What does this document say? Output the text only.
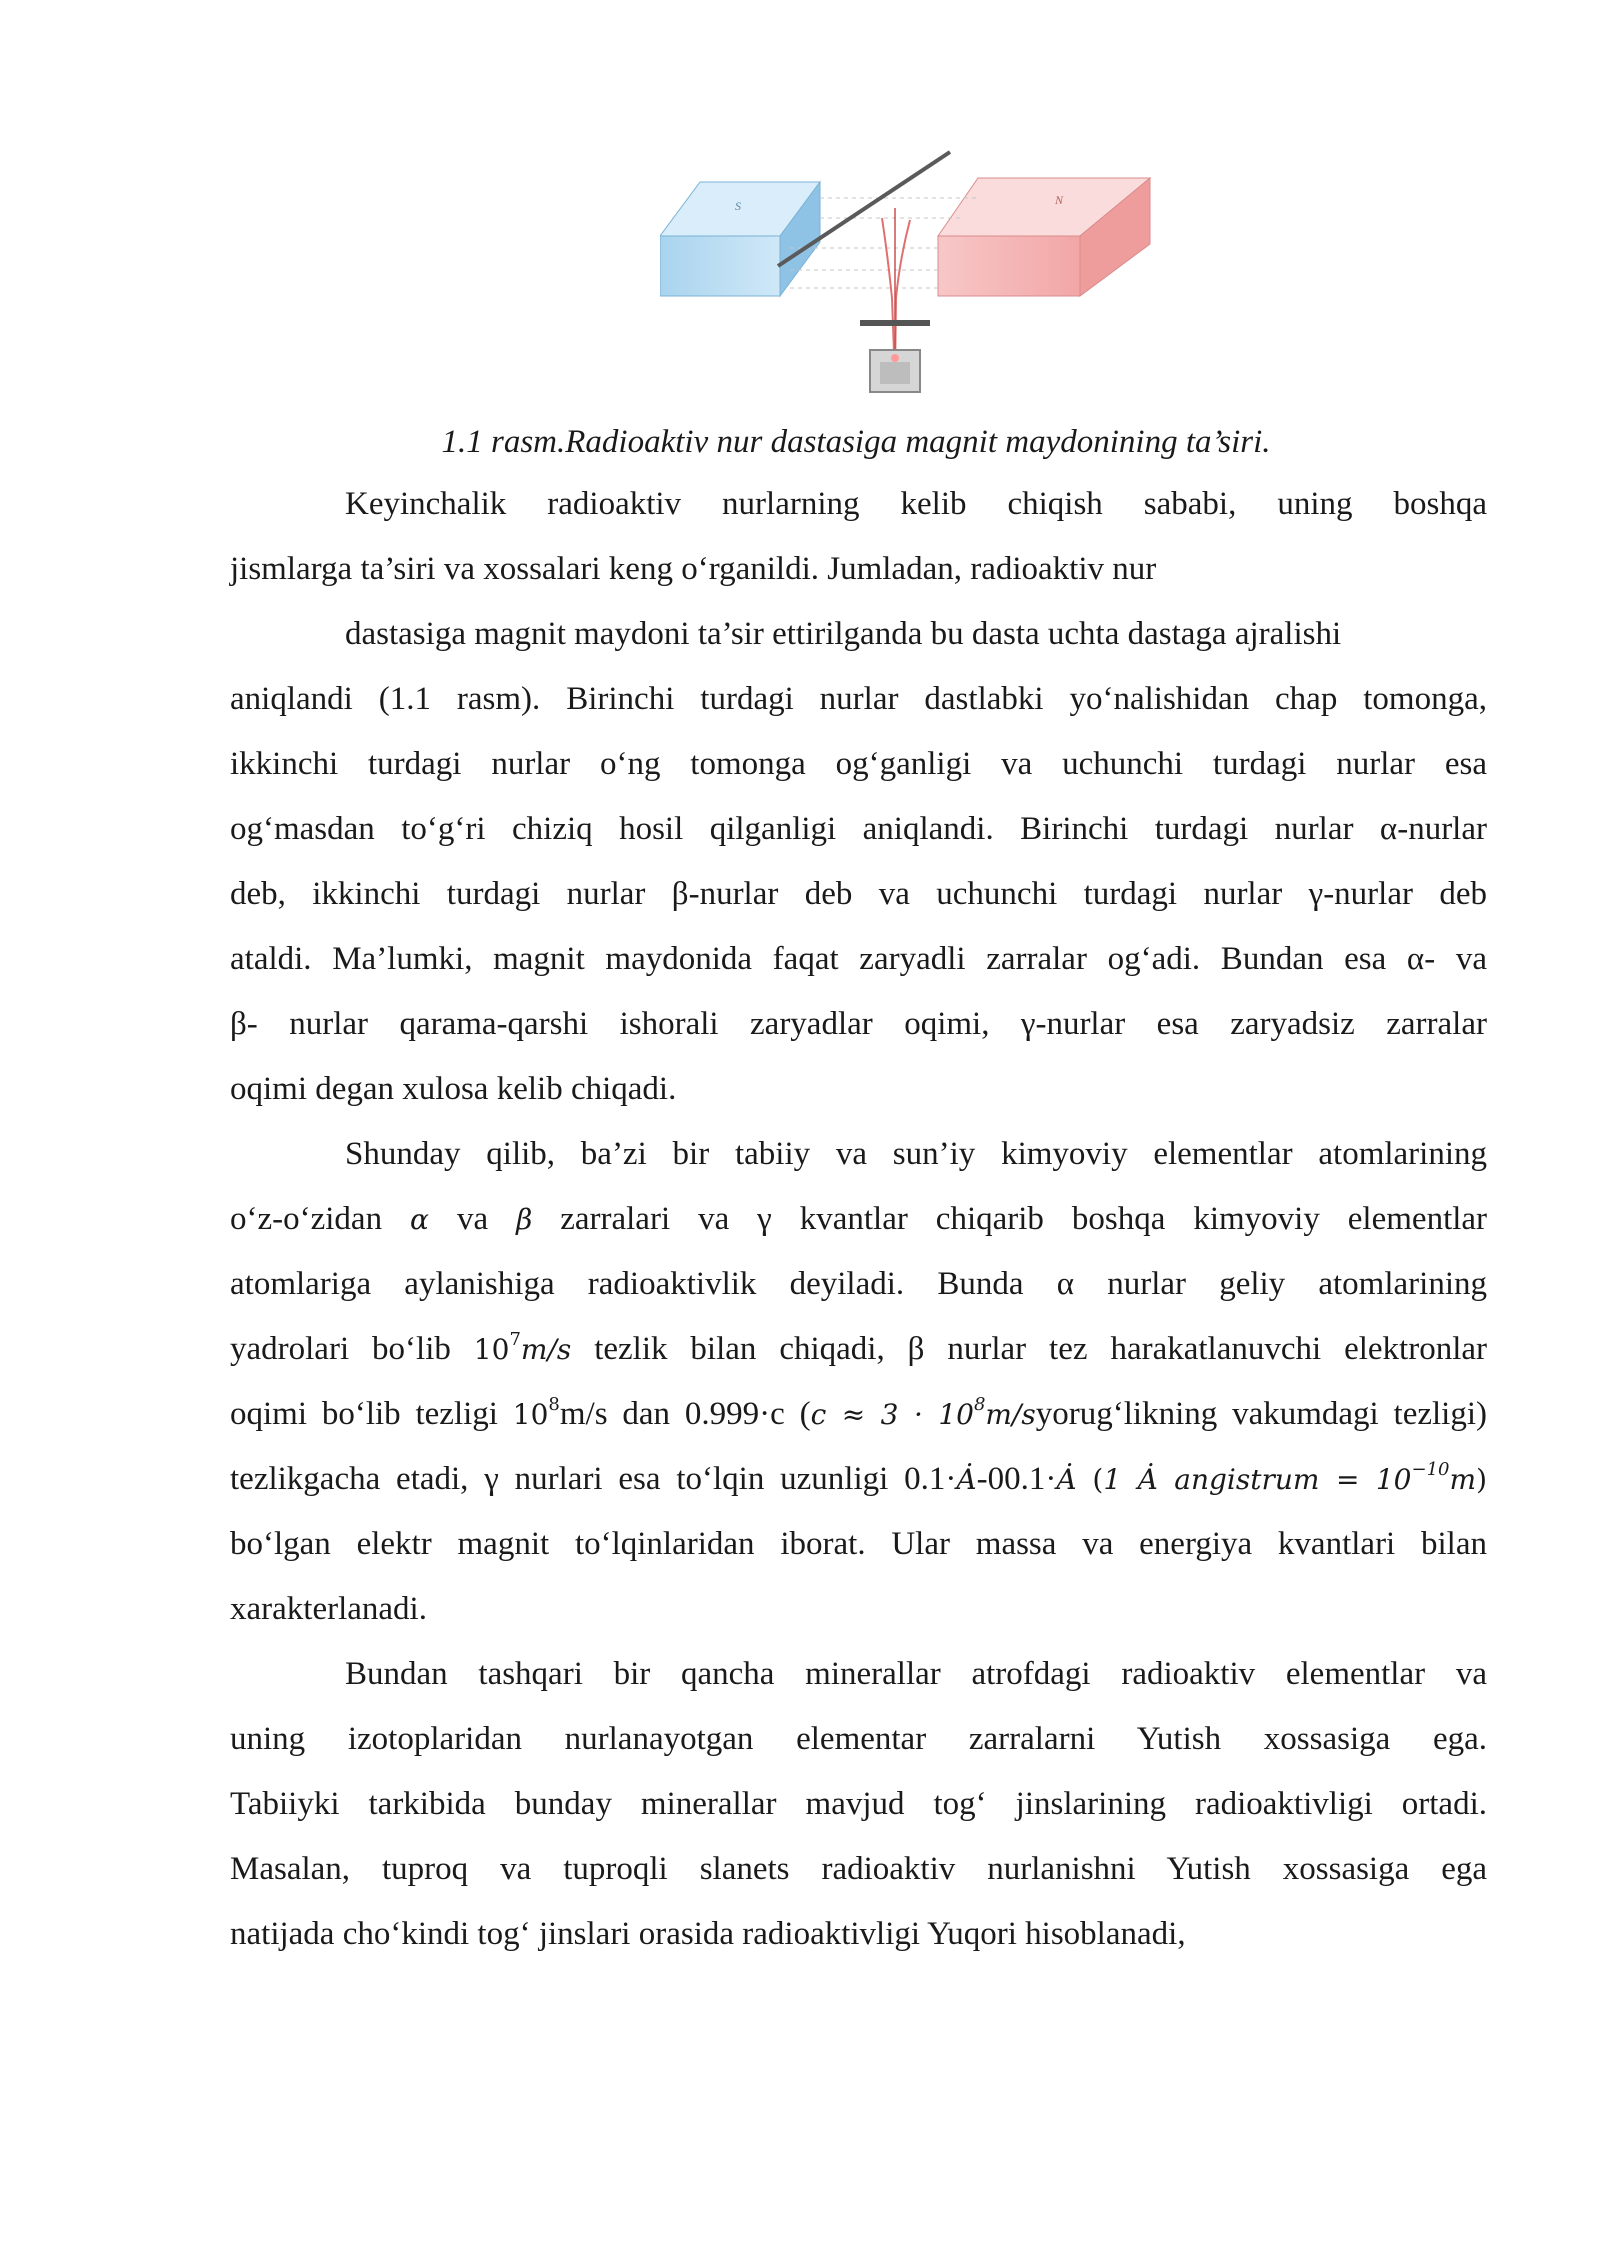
S	N
1.1 rasm.Radioaktiv nur dastasiga magnit maydonining ta’siri.
Keyinchalik radioaktiv nurlarning kelib chiqish sababi, uning boshqa
jismlarga ta’siri va xossalari keng o‘rganildi. Jumladan, radioaktiv nur
dastasiga magnit maydoni ta’sir ettirilganda bu dasta uchta dastaga ajralishi
aniqlandi (1.1 rasm). Birinchi turdagi nurlar dastlabki yo‘nalishidan chap tomonga,
ikkinchi turdagi nurlar o‘ng tomonga og‘ganligi va uchunchi turdagi nurlar esa
og‘masdan to‘g‘ri chiziq hosil qilganligi aniqlandi. Birinchi turdagi nurlar α-nurlar
deb, ikkinchi turdagi nurlar β-nurlar deb va uchunchi turdagi nurlar γ-nurlar deb
ataldi. Ma’lumki, magnit maydonida faqat zaryadli zarralar og‘adi. Bundan esa α- va
β- nurlar qarama-qarshi ishorali zaryadlar oqimi, γ-nurlar esa zaryadsiz zarralar
oqimi degan xulosa kelib chiqadi.
Shunday qilib, ba’zi bir tabiiy va sun’iy kimyoviy elementlar atomlarining
o‘z-o‘zidan α va β zarralari va γ kvantlar chiqarib boshqa kimyoviy elementlar
atomlariga aylanishiga radioaktivlik deyiladi. Bunda α nurlar geliy atomlarining
yadrolari bo‘lib $10^7m/s$ tezlik bilan chiqadi, β nurlar tez harakatlanuvchi elektronlar
oqimi bo‘lib tezligi $10^8m/s$ dan 0.999·c ($c \approx 3 \cdot 10^8m/syorug‘likning$ vakumdagi tezligi)
tezlikgacha etadi, γ nurlari esa to‘lqin uzunligi 0.1·Ȧ-00.1·Ȧ (1 Ȧ angistrum = $10^{-10}m$)
bo‘lgan elektr magnit to‘lqinlaridan iborat. Ular massa va energiya kvantlari bilan
xarakterlanadi.
Bundan tashqari bir qancha minerallar atrofdagi radioaktiv elementlar va
uning izotoplaridan nurlanayotgan elementar zarralarni Yutish xossasiga ega.
Tabiiyki tarkibida bunday minerallar mavjud tog‘ jinslarining radioaktivligi ortadi.
Masalan, tuproq va tuproqli slanets radioaktiv nurlanishni Yutish xossasiga ega
natijada cho‘kindi tog‘ jinslari orasida radioaktivligi Yuqori hisoblanadi,
